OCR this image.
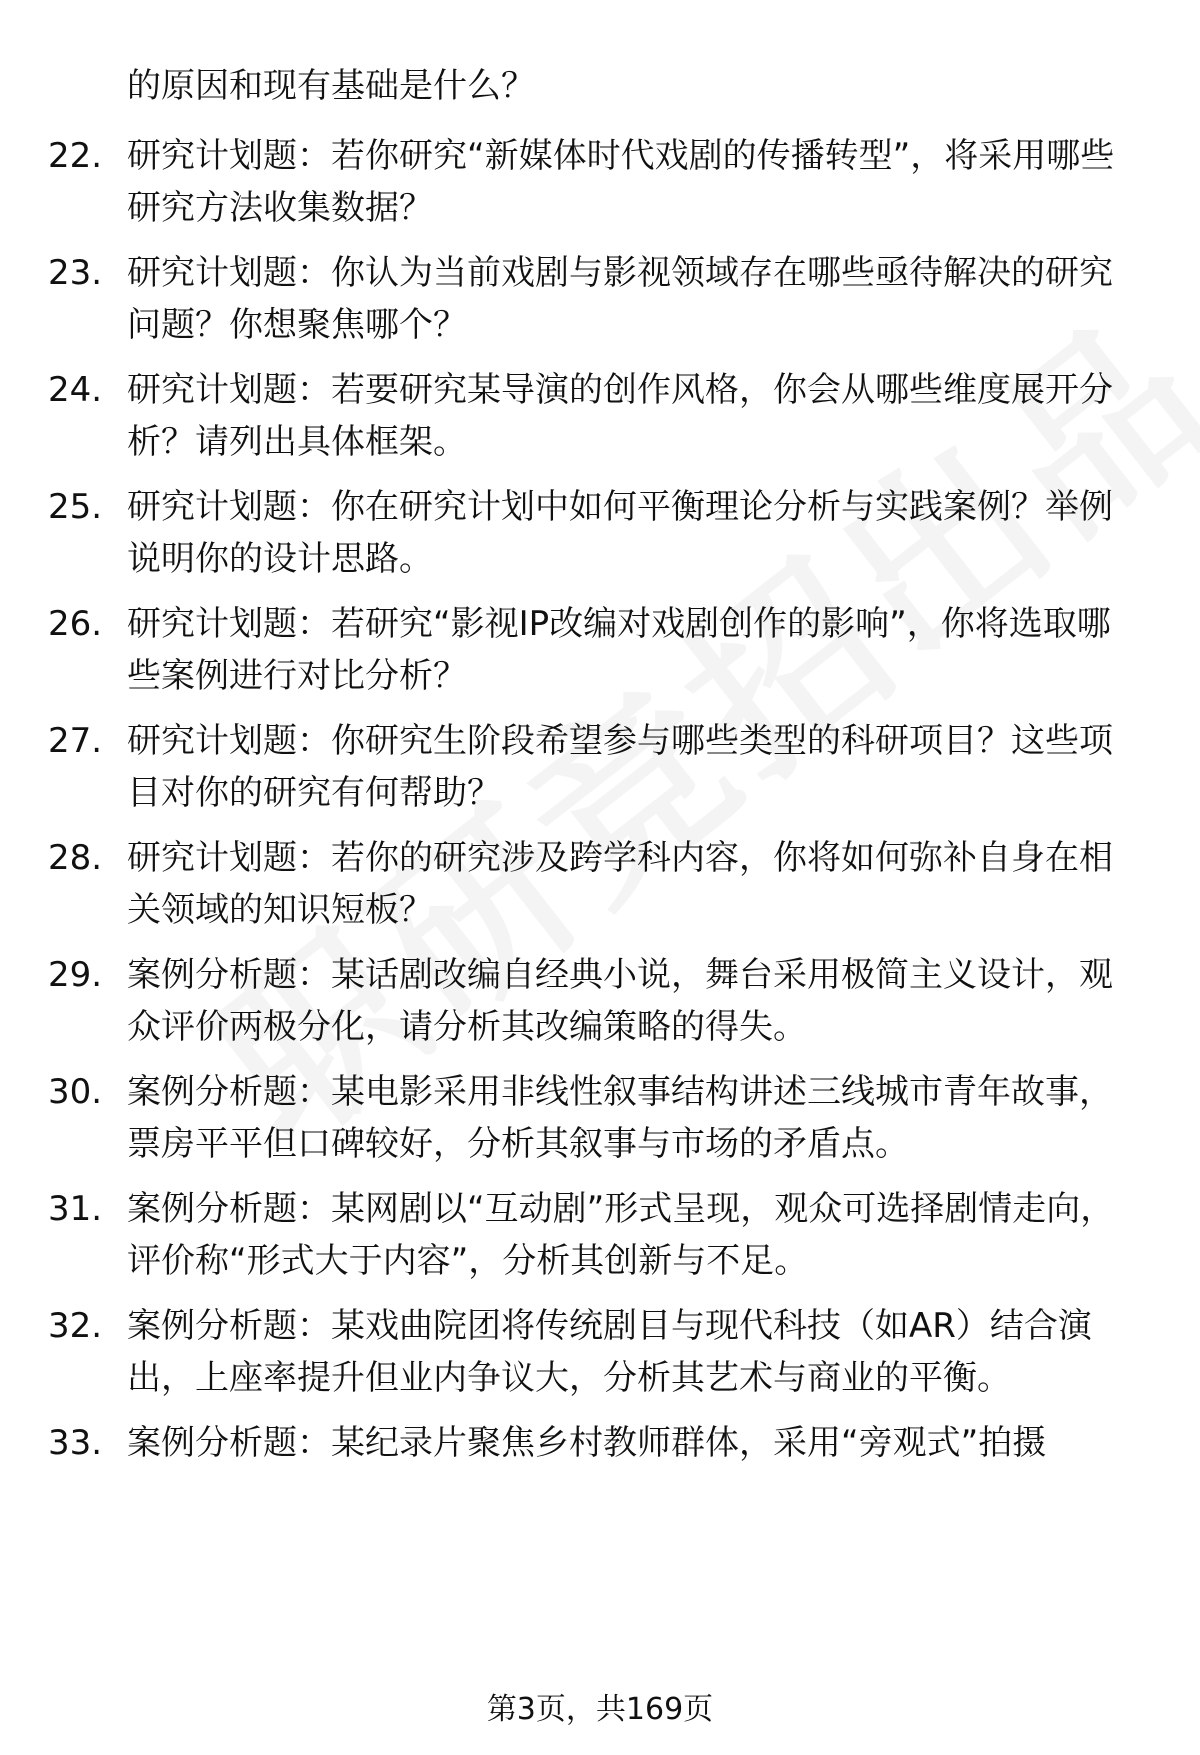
的原因和现有基础是什么？
22. 研究计划题：若你研究“新媒体时代戏剧的传播转型”，将采用哪些研究方法收集数据？
23. 研究计划题：你认为当前戏剧与影视领域存在哪些亟待解决的研究问题？你想聚焦哪个？
24. 研究计划题：若要研究某导演的创作风格，你会从哪些维度展开分析？请列出具体框架。
25. 研究计划题：你在研究计划中如何平衡理论分析与实践案例？举例说明你的设计思路。
26. 研究计划题：若研究“影视IP改编对戏剧创作的影响”，你将选取哪些案例进行对比分析？
27. 研究计划题：你研究生阶段希望参与哪些类型的科研项目？这些项目对你的研究有何帮助？
28. 研究计划题：若你的研究涉及跨学科内容，你将如何弥补自身在相关领域的知识短板？
29. 案例分析题：某话剧改编自经典小说，舞台采用极简主义设计，观众评价两极分化，请分析其改编策略的得失。
30. 案例分析题：某电影采用非线性叙事结构讲述三线城市青年故事，票房平平但口碑较好，分析其叙事与市场的矛盾点。
31. 案例分析题：某网剧以“互动剧”形式呈现，观众可选择剧情走向，评价称“形式大于内容”，分析其创新与不足。
32. 案例分析题：某戏曲院团将传统剧目与现代科技（如AR）结合演出，上座率提升但业内争议大，分析其艺术与商业的平衡。
33. 案例分析题：某纪录片聚焦乡村教师群体，采用“旁观式”拍摄
第3页，共169页
